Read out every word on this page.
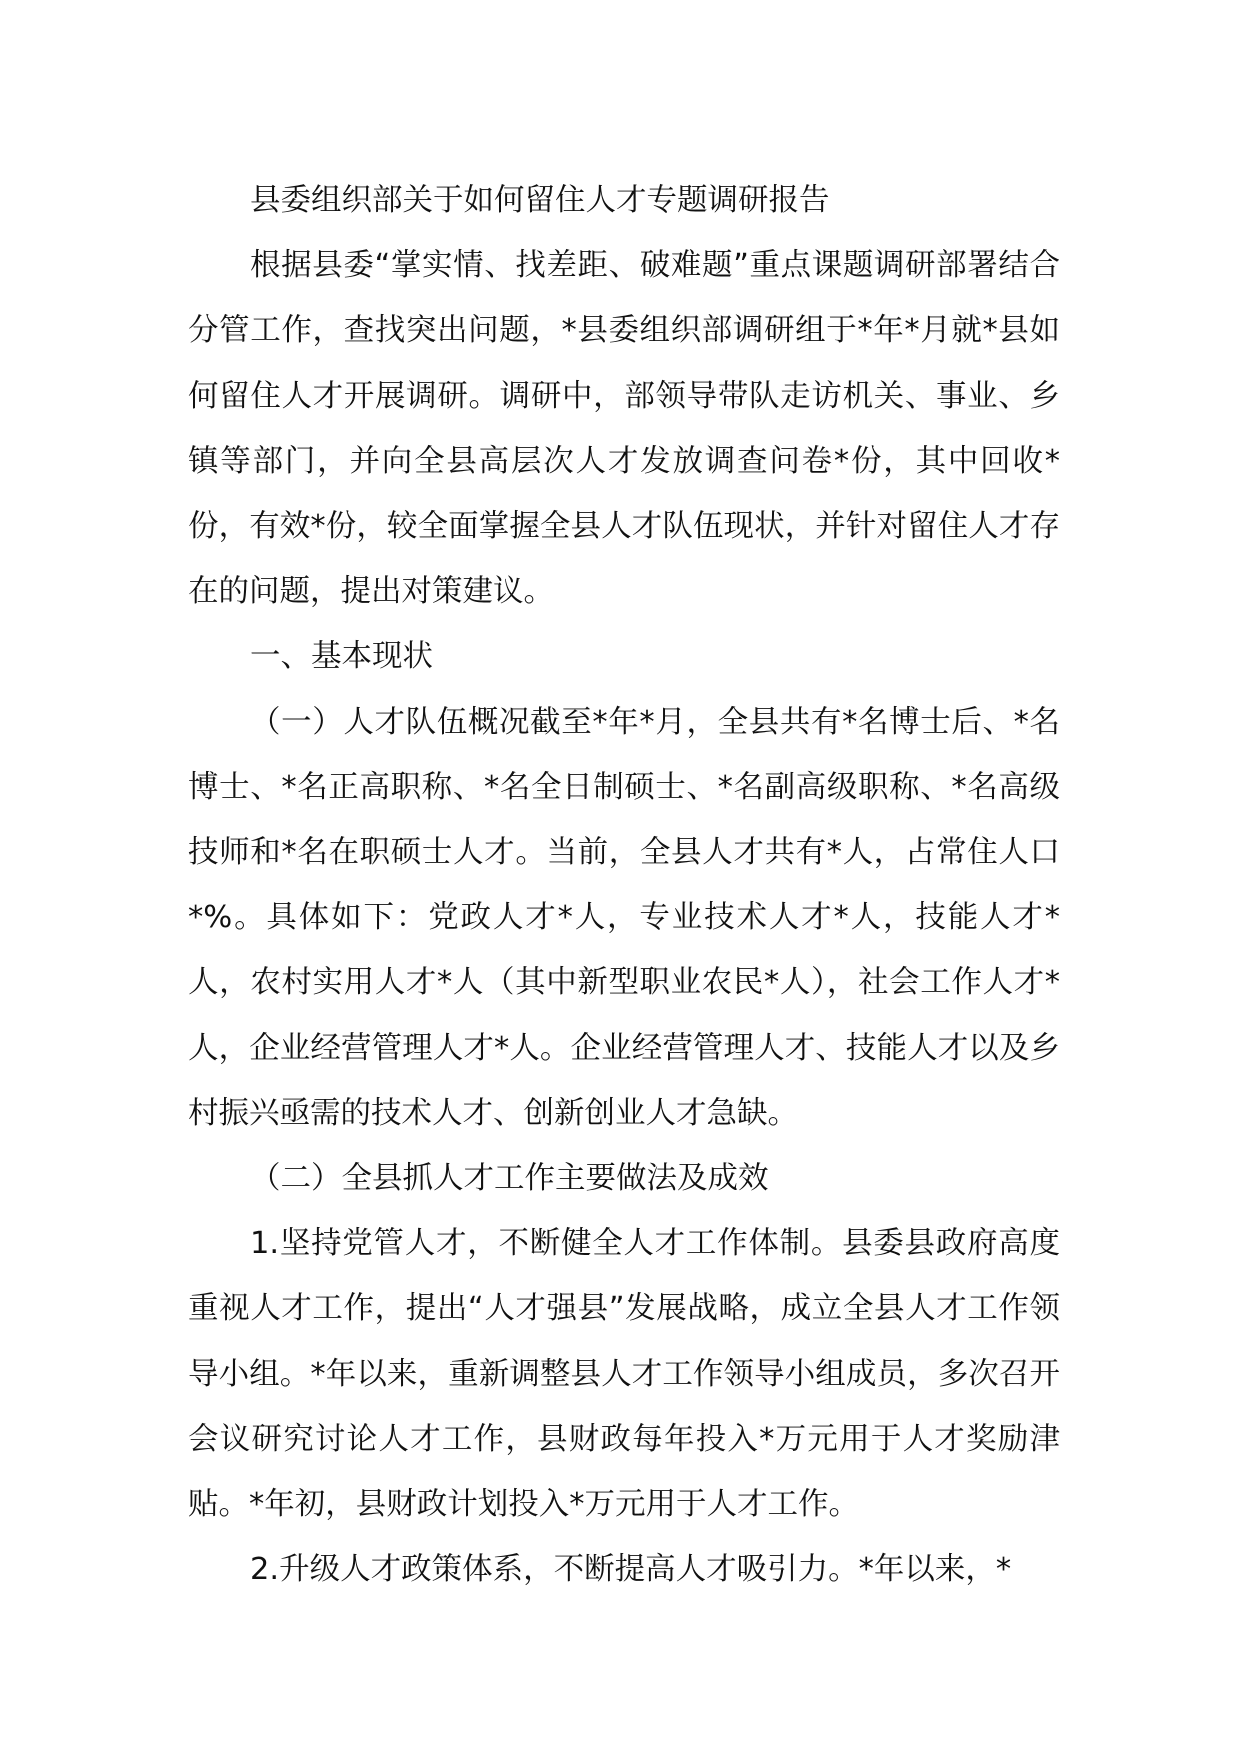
县委组织部关于如何留住人才专题调研报告

根据县委“掌实情、找差距、破难题”重点课题调研部署结合分管工作，查找突出问题，*县委组织部调研组于*年*月就*县如何留住人才开展调研。调研中，部领导带队走访机关、事业、乡镇等部门，并向全县高层次人才发放调查问卷*份，其中回收*份，有效*份，较全面掌握全县人才队伍现状，并针对留住人才存在的问题，提出对策建议。

一、基本现状

（一）人才队伍概况截至*年*月，全县共有*名博士后、*名博士、*名正高职称、*名全日制硕士、*名副高级职称、*名高级技师和*名在职硕士人才。当前，全县人才共有*人，占常住人口*%。具体如下：党政人才*人，专业技术人才*人，技能人才*人，农村实用人才*人（其中新型职业农民*人），社会工作人才*人，企业经营管理人才*人。企业经营管理人才、技能人才以及乡村振兴亟需的技术人才、创新创业人才急缺。

（二）全县抓人才工作主要做法及成效

1.坚持党管人才，不断健全人才工作体制。县委县政府高度重视人才工作，提出“人才强县”发展战略，成立全县人才工作领导小组。*年以来，重新调整县人才工作领导小组成员，多次召开会议研究讨论人才工作，县财政每年投入*万元用于人才奖励津贴。*年初，县财政计划投入*万元用于人才工作。

2.升级人才政策体系，不断提高人才吸引力。*年以来，*
